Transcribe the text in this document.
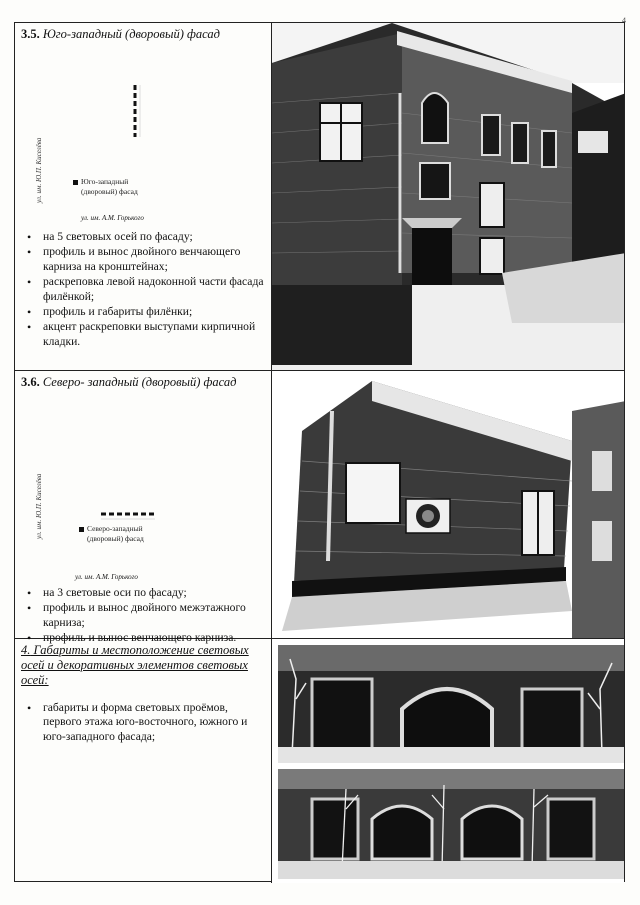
4
3.5. Юго-западный (дворовый) фасад
ул. им. Ю.П. Киселёва	Юго-западный
(дворовый) фасад
ул. им. А.М. Горького
• на 5 световых осей по фасаду;
• профиль и вынос двойного венчающего карниза на кронштейнах;
• раскреповка левой надоконной части фасада филёнкой;
• профиль и габариты филёнки;
• акцент раскреповки выступами кирпичной кладки.
3.6. Северо- западный (дворовый) фасад
ул. им. Ю.П. Киселёва	Северо-западный
(дворовый) фасад
ул. им. А.М. Горького
• на 3 световые оси по фасаду;
• профиль и вынос двойного межэтажного карниза;
• профиль и вынос венчающего карниза.
4. Габариты и местоположение световых осей и декоративных элементов световых осей:
• габариты и форма световых проёмов, первого этажа юго-восточного, южного и юго-западного фасада;
